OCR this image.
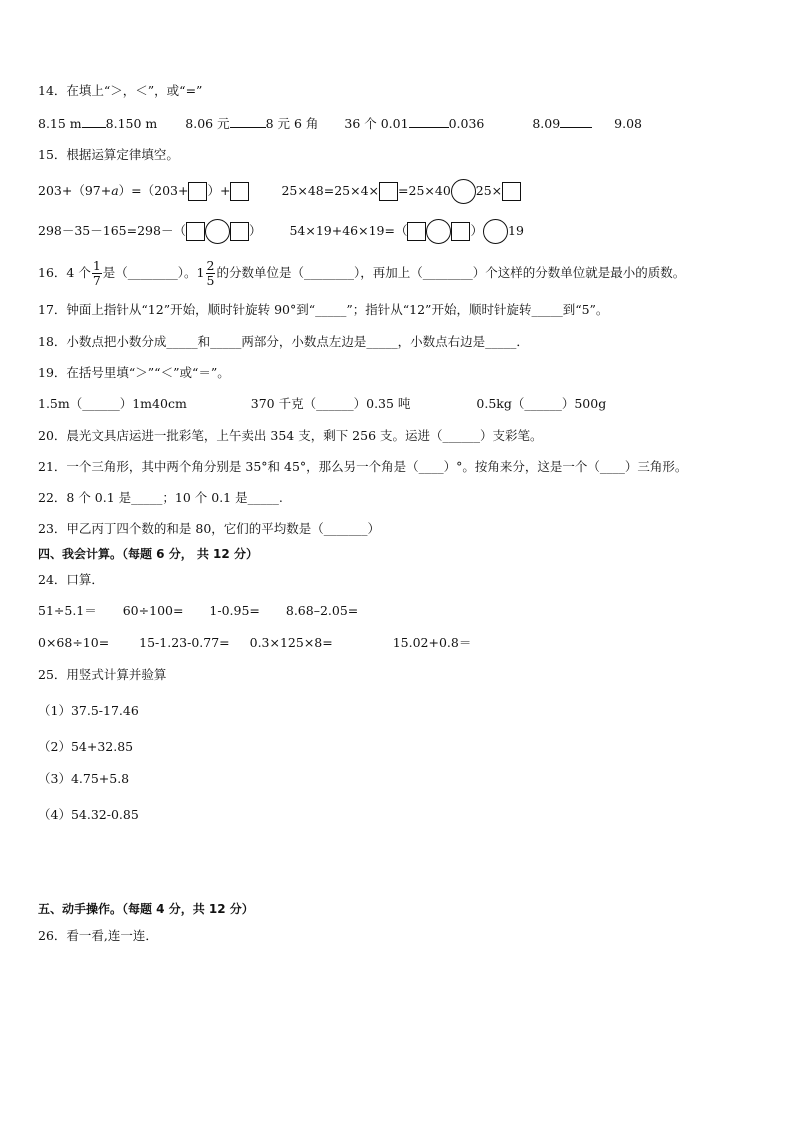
14．在填上“＞，＜”，或“=”
8.15 m 8.150 m 8.06 元	8 元 6 角 36 个 0.01	0.036	8.09	9.08
15．根据运算定律填空。
203+（97+a）=（203+ ）+	25×48=25×4× =25×40 25×
298－35－165=298－（	） 54×19+46×19=（	） 19
16．4 个 $\frac{1}{7}$ 是（________）。$1 \frac{2}{5}$ 的分数单位是（________），再加上（________）个这样的分数单位就是最小的质数。
17．钟面上指针从“12”开始，顺时针旋转 90°到“_____”；指针从“12”开始，顺时针旋转_____到“5”。
18．小数点把小数分成_____和_____两部分，小数点左边是_____，小数点右边是_____．
19．在括号里填“＞”“＜”或“＝”。
1.5m（______）1m40cm	370 千克（______）0.35 吨	0.5kg（______）500g
20．晨光文具店运进一批彩笔，上午卖出 354 支，剩下 256 支。运进（______）支彩笔。
21．一个三角形，其中两个角分别是 35°和 45°，那么另一个角是（____）°。按角来分，这是一个（____）三角形。
22．8 个 0.1 是_____；10 个 0.1 是_____.
23．甲乙丙丁四个数的和是 80，它们的平均数是（_______）
四、我会计算。（每题 6 分， 共 12 分）
24．口算．
51÷5.1＝ 60÷100= 1-0.95= 8.68–2.05=
0×68÷10= 15-1.23-0.77= 0.3×125×8=	15.02+0.8＝
25．用竖式计算并验算
（1）37.5-17.46
（2）54+32.85
（3）4.75+5.8
（4）54.32-0.85
五、动手操作。（每题 4 分，共 12 分）
26．看一看,连一连．
